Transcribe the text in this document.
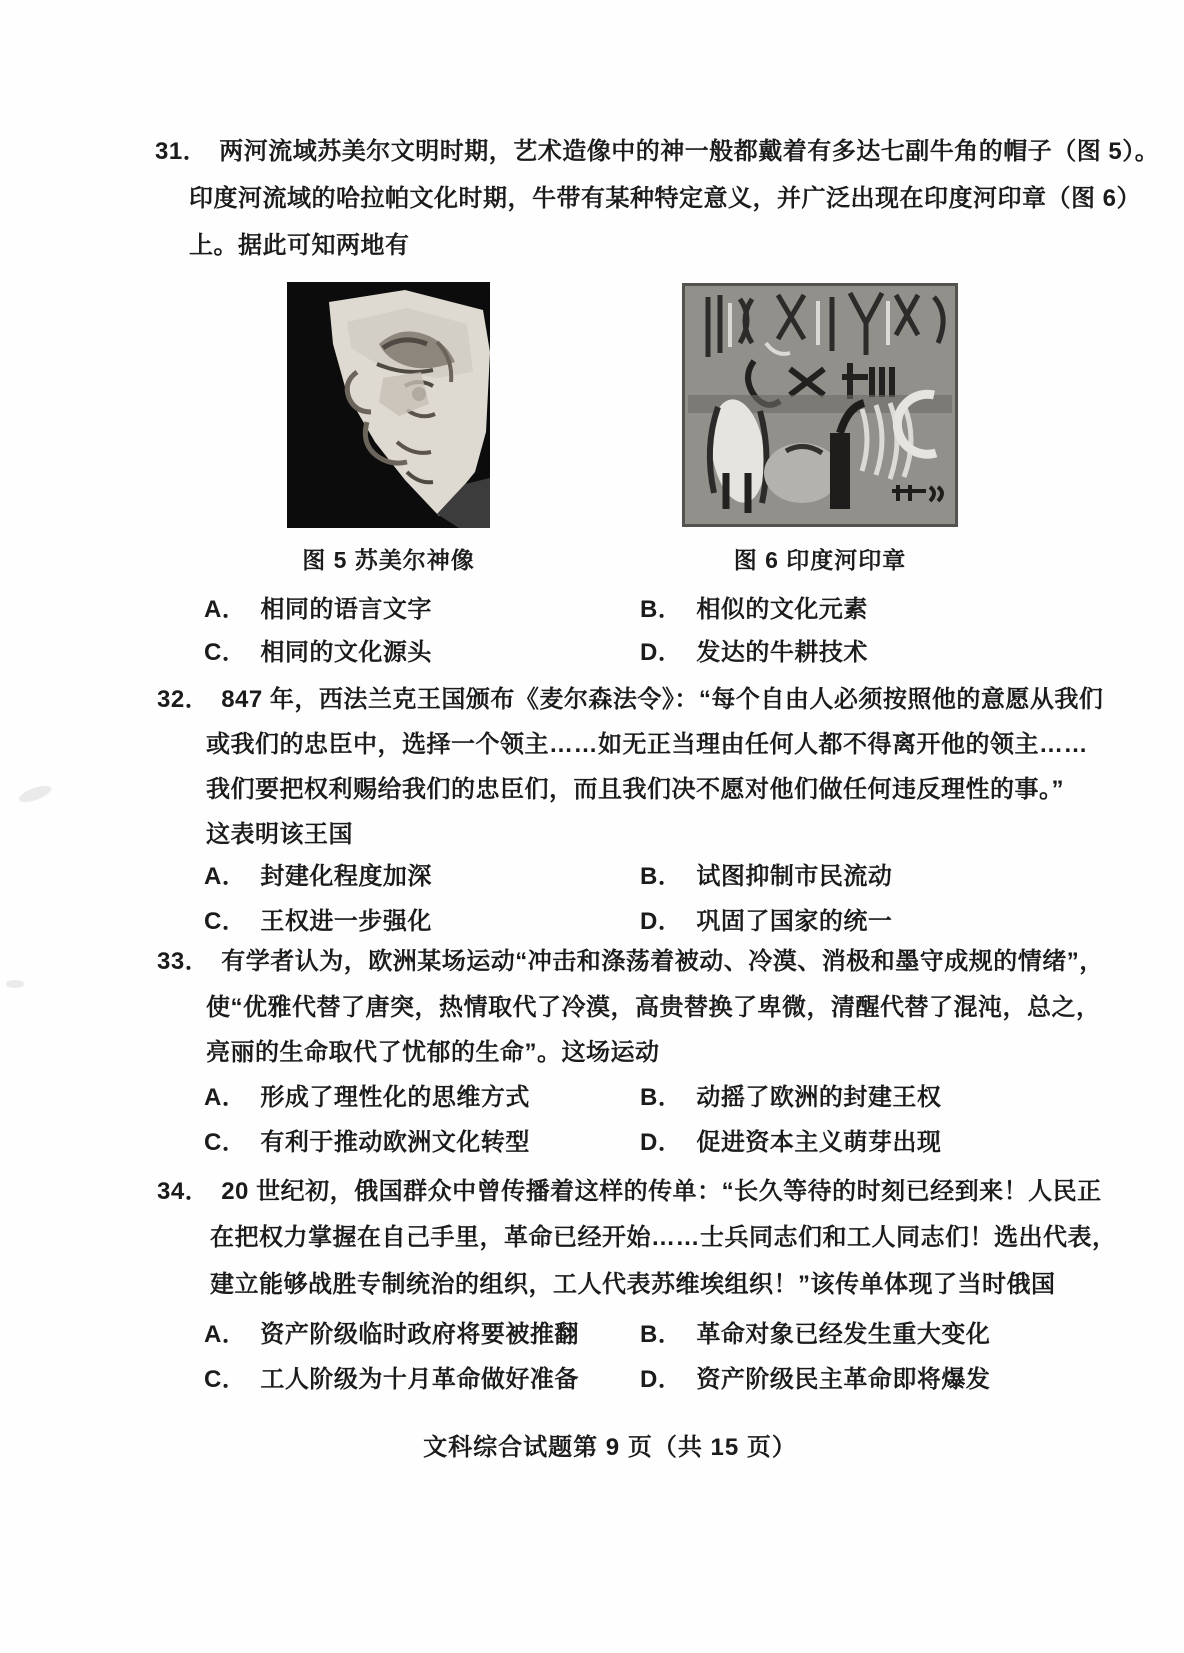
31． 两河流域苏美尔文明时期，艺术造像中的神一般都戴着有多达七副牛角的帽子（图 5）。
印度河流域的哈拉帕文化时期，牛带有某种特定意义，并广泛出现在印度河印章（图 6）
上。据此可知两地有
图 5 苏美尔神像	图 6 印度河印章
A． 相同的语言文字	B． 相似的文化元素
C． 相同的文化源头	D． 发达的牛耕技术
32． 847 年，西法兰克王国颁布《麦尔森法令》：“每个自由人必须按照他的意愿从我们
或我们的忠臣中，选择一个领主……如无正当理由任何人都不得离开他的领主……
我们要把权利赐给我们的忠臣们，而且我们决不愿对他们做任何违反理性的事。”
这表明该王国
A． 封建化程度加深	B． 试图抑制市民流动
C． 王权进一步强化	D． 巩固了国家的统一
33． 有学者认为，欧洲某场运动“冲击和涤荡着被动、冷漠、消极和墨守成规的情绪”，
使“优雅代替了唐突，热情取代了冷漠，高贵替换了卑微，清醒代替了混沌，总之，
亮丽的生命取代了忧郁的生命”。这场运动
A． 形成了理性化的思维方式	B． 动摇了欧洲的封建王权
C． 有利于推动欧洲文化转型	D． 促进资本主义萌芽出现
34． 20 世纪初，俄国群众中曾传播着这样的传单：“长久等待的时刻已经到来！人民正
在把权力掌握在自己手里，革命已经开始……士兵同志们和工人同志们！选出代表，
建立能够战胜专制统治的组织，工人代表苏维埃组织！”该传单体现了当时俄国
A． 资产阶级临时政府将要被推翻	B． 革命对象已经发生重大变化
C． 工人阶级为十月革命做好准备	D． 资产阶级民主革命即将爆发
文科综合试题第 9 页（共 15 页）
